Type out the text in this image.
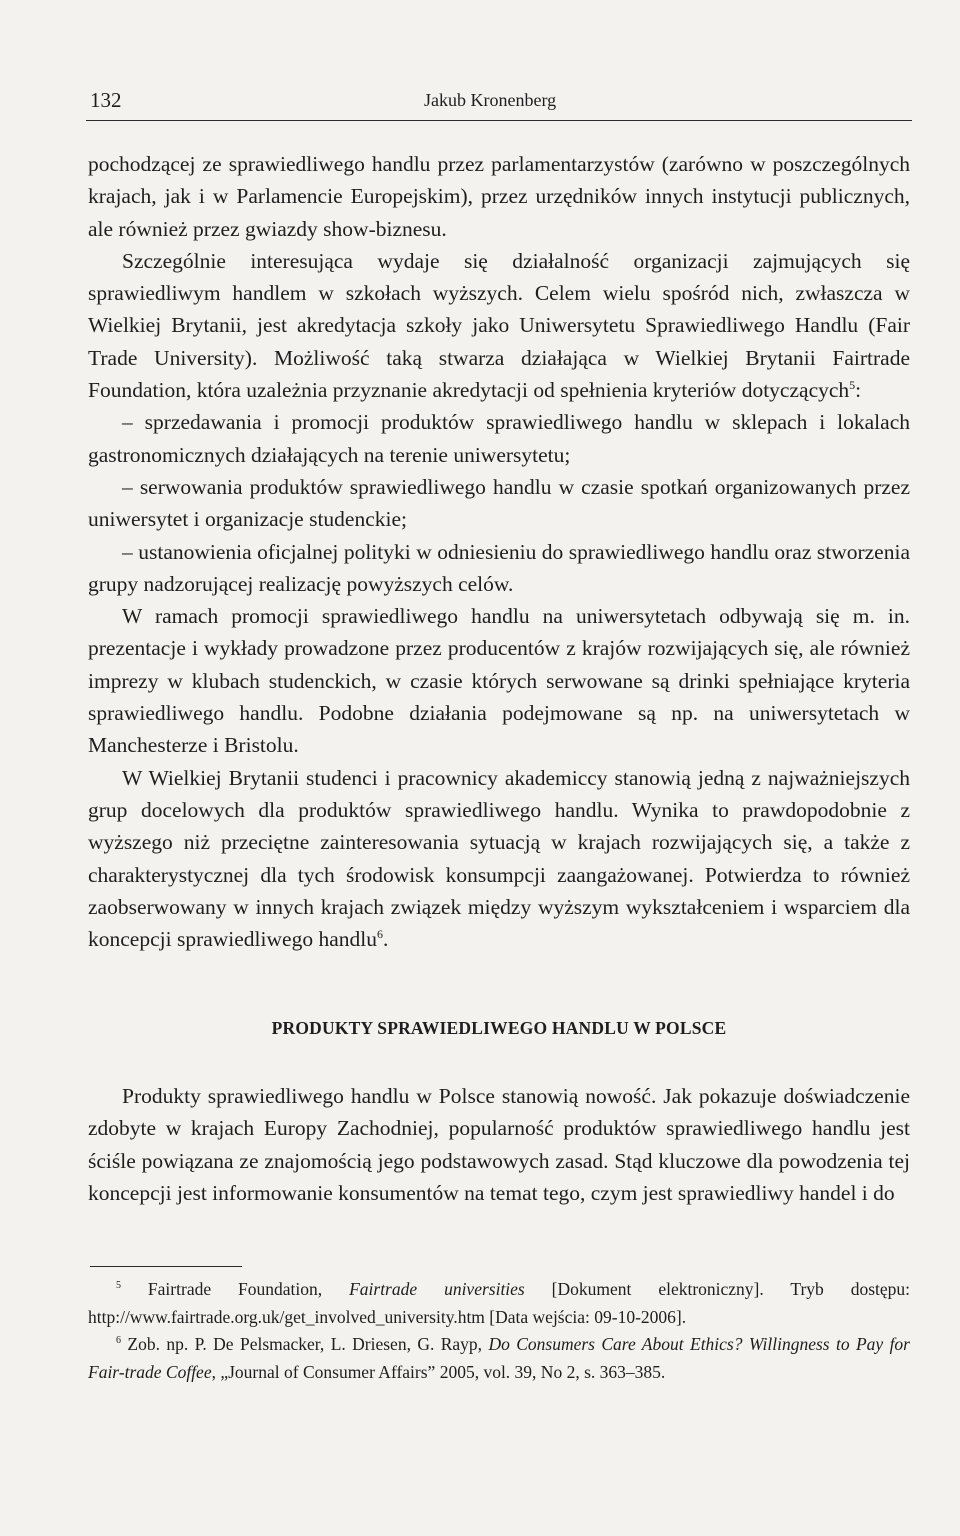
132	Jakub Kronenberg

pochodzącej ze sprawiedliwego handlu przez parlamentarzystów (zarówno w poszczególnych krajach, jak i w Parlamencie Europejskim), przez urzędników innych instytucji publicznych, ale również przez gwiazdy show-biznesu.

Szczególnie interesująca wydaje się działalność organizacji zajmujących się sprawiedliwym handlem w szkołach wyższych. Celem wielu spośród nich, zwłaszcza w Wielkiej Brytanii, jest akredytacja szkoły jako Uniwersytetu Sprawiedliwego Handlu (Fair Trade University). Możliwość taką stwarza działająca w Wielkiej Brytanii Fairtrade Foundation, która uzależnia przyznanie akredytacji od spełnienia kryteriów dotyczących$^5$:

– sprzedawania i promocji produktów sprawiedliwego handlu w sklepach i lokalach gastronomicznych działających na terenie uniwersytetu;

– serwowania produktów sprawiedliwego handlu w czasie spotkań organizowanych przez uniwersytet i organizacje studenckie;

– ustanowienia oficjalnej polityki w odniesieniu do sprawiedliwego handlu oraz stworzenia grupy nadzorującej realizację powyższych celów.

W ramach promocji sprawiedliwego handlu na uniwersytetach odbywają się m. in. prezentacje i wykłady prowadzone przez producentów z krajów rozwijających się, ale również imprezy w klubach studenckich, w czasie których serwowane są drinki spełniające kryteria sprawiedliwego handlu. Podobne działania podejmowane są np. na uniwersytetach w Manchesterze i Bristolu.

W Wielkiej Brytanii studenci i pracownicy akademiccy stanowią jedną z najważniejszych grup docelowych dla produktów sprawiedliwego handlu. Wynika to prawdopodobnie z wyższego niż przeciętne zainteresowania sytuacją w krajach rozwijających się, a także z charakterystycznej dla tych środowisk konsumpcji zaangażowanej. Potwierdza to również zaobserwowany w innych krajach związek między wyższym wykształceniem i wsparciem dla koncepcji sprawiedliwego handlu$^6$.

PRODUKTY SPRAWIEDLIWEGO HANDLU W POLSCE

Produkty sprawiedliwego handlu w Polsce stanowią nowość. Jak pokazuje doświadczenie zdobyte w krajach Europy Zachodniej, popularność produktów sprawiedliwego handlu jest ściśle powiązana ze znajomością jego podstawowych zasad. Stąd kluczowe dla powodzenia tej koncepcji jest informowanie konsumentów na temat tego, czym jest sprawiedliwy handel i do

$^5$ Fairtrade Foundation, Fairtrade universities [Dokument elektroniczny]. Tryb dostępu: http://www.fairtrade.org.uk/get_involved_university.htm [Data wejścia: 09-10-2006].

$^6$ Zob. np. P. De Pelsmacker, L. Driesen, G. Rayp, Do Consumers Care About Ethics? Willingness to Pay for Fair-trade Coffee, „Journal of Consumer Affairs” 2005, vol. 39, No 2, s. 363–385.
